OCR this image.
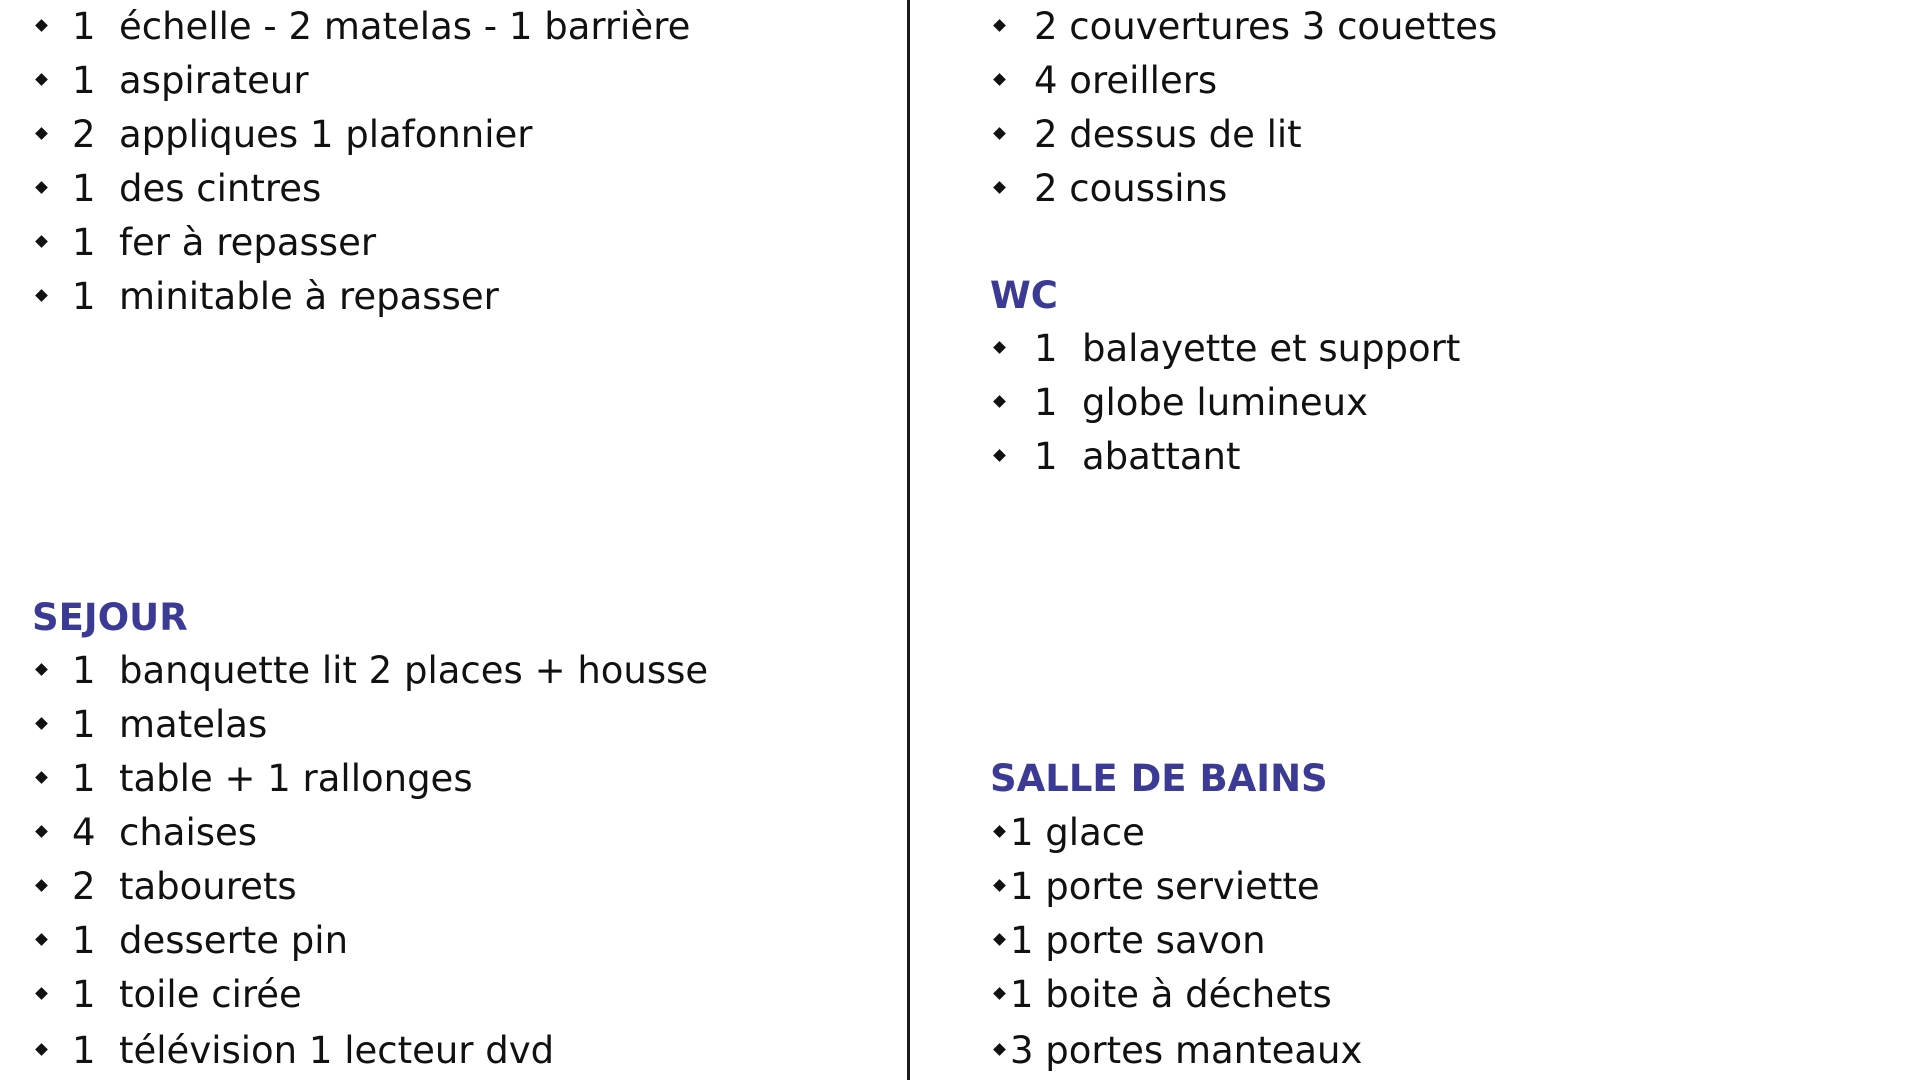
1 échelle - 2 matelas - 1 barrière
1 aspirateur
2 appliques 1 plafonnier
1 des cintres
1 fer à repasser
1 minitable à repasser
SEJOUR
1 banquette lit 2 places + housse
1 matelas
1 table + 1 rallonges
4 chaises
2 tabourets
1 desserte pin
1 toile cirée
1 télévision 1 lecteur dvd
2 couvertures 3 couettes
4 oreillers
2 dessus de lit
2 coussins
WC
1 balayette et support
1 globe lumineux
1 abattant
SALLE DE BAINS
1 glace
1 porte serviette
1 porte savon
1 boite à déchets
3 portes manteaux
